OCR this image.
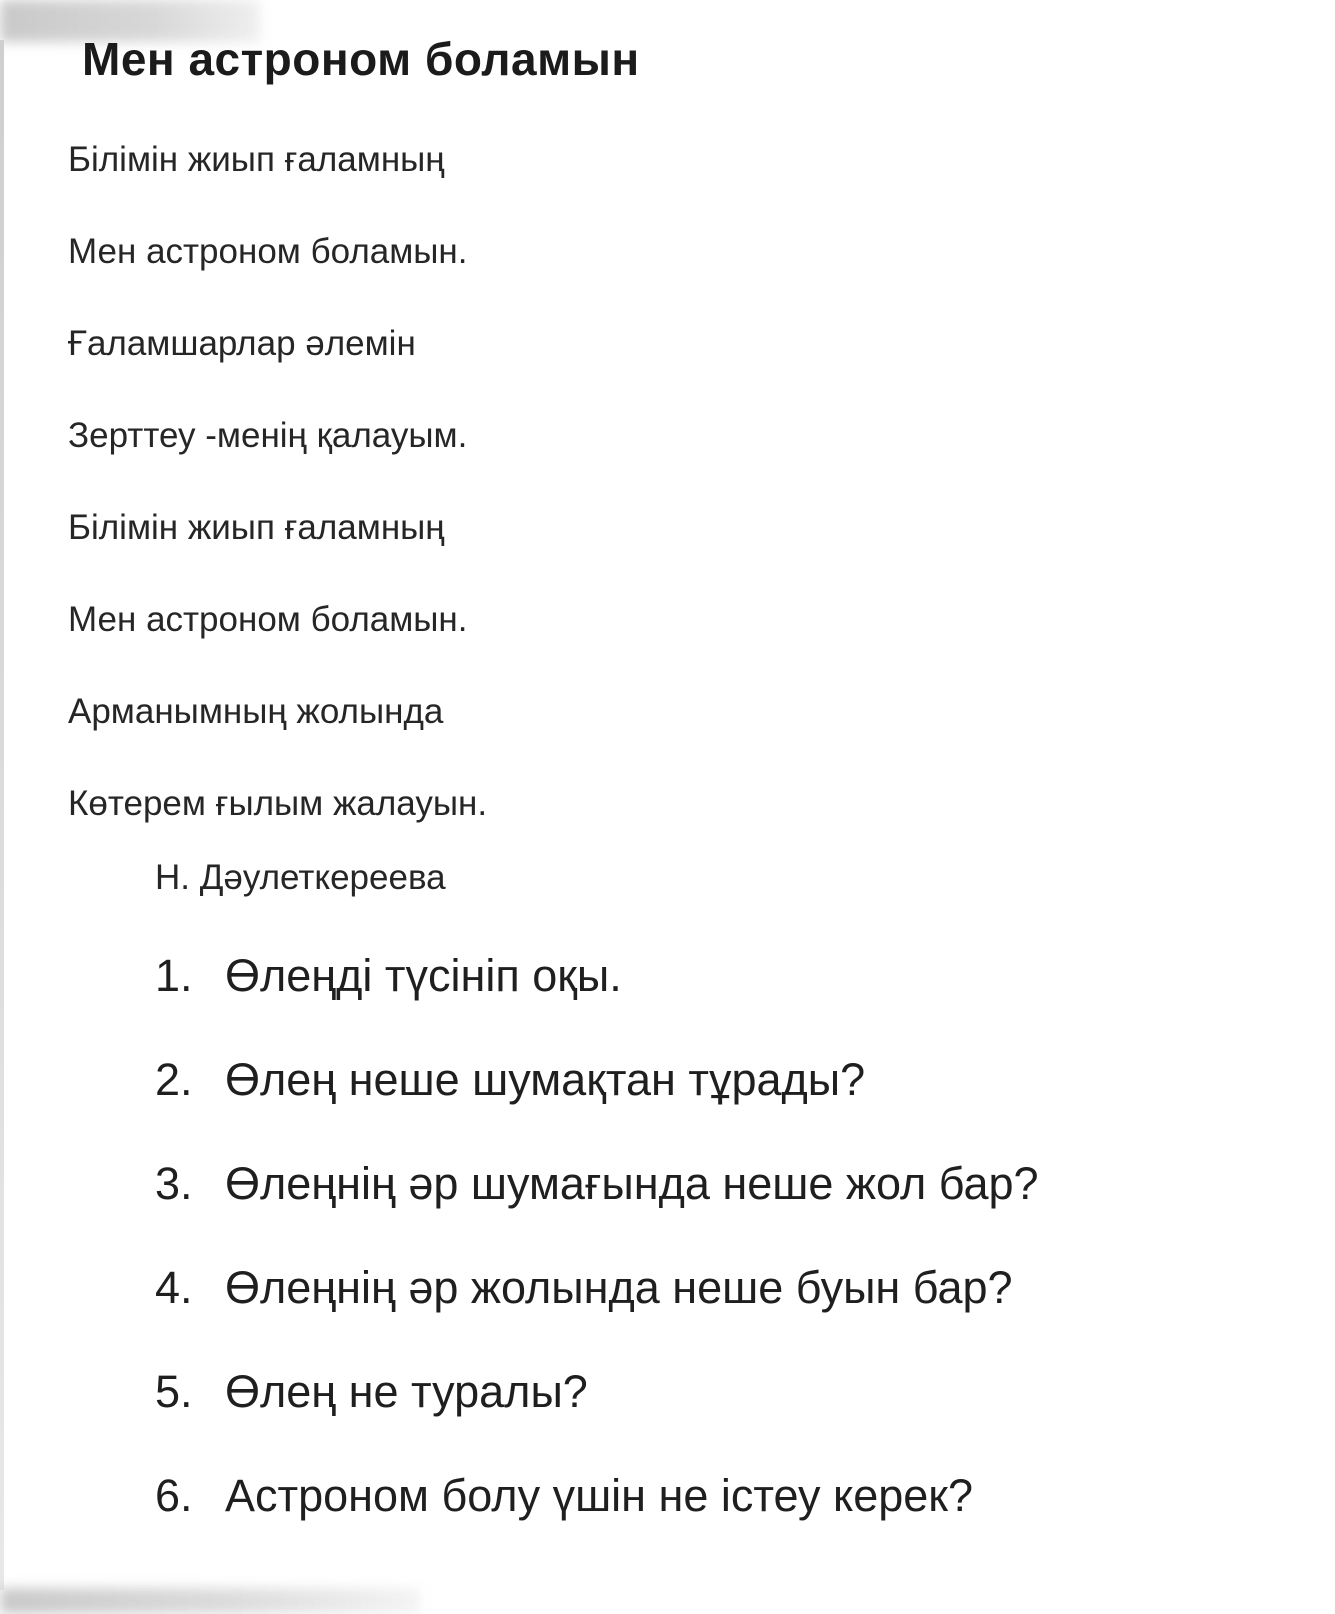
Мен астроном боламын
Білімін жиып ғаламның
Мен астроном боламын.
Ғаламшарлар әлемін
Зерттеу -менің қалауым.
Білімін жиып ғаламның
Мен астроном боламын.
Арманымның жолында
Көтерем ғылым жалауын.
Н. Дәулеткереева
1. Өлеңді түсініп оқы.
2. Өлең неше шумақтан тұрады?
3. Өлеңнің әр шумағында неше жол бар?
4. Өлеңнің әр жолында неше буын бар?
5. Өлең не туралы?
6. Астроном болу үшін не істеу керек?
